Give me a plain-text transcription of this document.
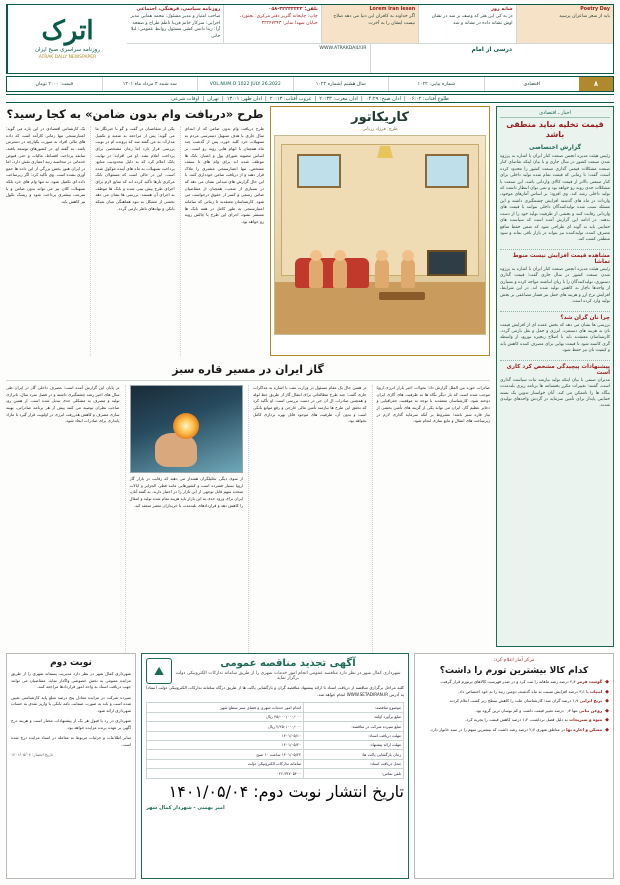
Poetry Day
باید از شعر شاعران پرسید
شانه روز
در به کی این هنر که وصف بر شد در نشان اوش نشانه داده در نشانه و شد
Lorem Iran Iesen
اگر خداوند به کافران این دنیا می دهد صلاح نیست ایشان را به آخرت
تلفن: ۳۲۲۴۴۴۴۴-۰۵۸
چاپ: چاپخانه گلریز دفتر مرکزی: بجنورد، خیابان شهدا نمابر: ۳۲۲۴۷۳۴۳
روزنامه سیاسی، فرهنگی، اجتماعی
صاحب امتیاز و مدیر مسئول: محمد همایی مدیر اجرایی: سرکار خانم فریبا ناظم طراح و صفحه آرا: زینا دانش کشی مسئول روابط عمومی: لیلا خانی
درسی از امام
WWW.ATRAKDAILY.IR
اترک
روزنامه سراسری صبح ایران
ATRAK DAILY NEWSPAPER
۸
اقتصادی
شماره پیاپی: ۱۰۲۲
سال هشتم /شماره ۱۰۲۲
VOL.NUM.O 1022 JULY 26.2022
سه شنبه ۴ مرداد ماه ۱۴۰۱
قیمت: ۲۰۰۰ تومان
طلوع آفتاب: ۰۶:۰۲  |  اذان صبح: ۰۴:۲۹  |  اذان مغرب: ۲۰:۳۳  |  غروب آفتاب: ۲۰:۱۳  |  اذان ظهر: ۱۳:۰۱  |  تهران  |  اوقات شرعی
اخبار ـ اقتصادی
قیمت تخلیه نباید منطقی باشد
گزارش اختصاصی
رئیس هیئت مدیره انجمن صنعت کنار ایران با اشاره به پرژوه شدن صنعت کشور در سال جاری و با بیان اینکه تقاضای کنار صنعت مشکلات قیمتی گذاری صنعت کشور را محدود کرده است، گفت: تا زمانی که قیمت تمام شده تولید داخلی برای کنار صنعتی بالاتر از قیمت کالای وارداتی باشد، این صنعت با مشکلات جدی روبه رو خواهد بود و نمی توان انتظار داشت که تولید داخلی رشد کند. وی افزود: بر اساس آمارهای موجود، واردات در ماه های گذشته افزایش چشمگیری داشته و این مسئله سبب شده تولیدکنندگان داخلی نتوانند با قیمت های وارداتی رقابت کنند و بخشی از ظرفیت تولید خود را از دست بدهند. در ادامه این گزارش آمده است که سیاست های حمایتی باید به گونه ای طراحی شود که ضمن حفظ منافع مصرف کننده، تولیدکننده نیز بتواند در بازار باقی بماند و سود منطقی کسب کند.
مشاهده قیمت افزایش نیست منوط تماشا
رئیس هیئت مدیره انجمن صنعت کنار ایران با اشاره به پرژوه شدن صنعت کشور در سال جاری گفت: قیمت گذاری دستوری، تولیدکنندگان را با زیان انباشته مواجه کرده و بسیاری از واحدها ناچار به کاهش تولید شده اند. در این شرایط، افزایش نرخ ارز و هزینه های حمل نیز فشار مضاعفی بر بخش تولید وارد کرده است.
چرا نان گران شد؟
بررسی ها نشان می دهد که بخش عمده ای از افزایش قیمت نان به هزینه های دستمزد، انرژی و حمل و نقل بازمی گردد. کارشناسان معتقدند باید با اصلاح زنجیره توزیع، از واسطه گری کاسته شود تا قیمت نهایی برای مصرف کننده کاهش یابد و کیفیت نان نیز حفظ شود.
پیشنهادات پیچیدگی مشخص کرد کاری است
مدیران صنفی با بیان اینکه تولید نیازمند ثبات سیاست گذاری است، گفتند: تغییرات مکرر بخشنامه ها برنامه ریزی بلندمدت بنگاه ها را ناممکن می کند. آنان خواستار تدوین یک بسته حمایتی پایدار برای تأمین سرمایه در گردش واحدهای تولیدی شدند.
کاریکاتور
طرح: فرزاد زرنانی
طرح «دریافت وام بدون ضامن» به کجا رسید؟
طرح دریافت وام بدون ضامن که از ابتدای سال جاری با هدف تسهیل دسترسی مردم به تسهیلات خرد کلید خورد، پس از گذشت چند ماه همچنان با ابهام هایی روبه رو است. بر اساس مصوبه شورای پول و اعتبار، بانک ها موظف شده اند برای وام های تا سقف مشخص، تنها اعتبارسنجی مشتری را ملاک قرار دهند و از دریافت ضامن خودداری کنند. با این حال گزارش های میدانی نشان می دهد که در بسیاری از شعب، همچنان از متقاضیان ضامن رسمی و کسر از حقوق درخواست می شود. کارشناسان معتقدند تا زمانی که سامانه اعتبارسنجی به طور کامل در همه بانک ها مستقر نشود، اجرای این طرح با چالش روبه رو خواهد بود.
یکی از متقاضیان در گفت و گو با خبرنگار ما می گوید: پس از مراجعه به شعبه و تکمیل مدارک، به من گفته شد که پرونده ام در نوبت بررسی قرار دارد اما زمان مشخصی برای پرداخت اعلام نشد. او می افزاید: در نهایت بانک اعلام کرد که به دلیل محدودیت منابع، پرداخت تسهیلات به ماه های آینده موکول شده است. این در حالی است که مسئولان بانک مرکزی بارها تأکید کرده اند که منابع لازم برای اجرای طرح پیش بینی شده و بانک ها موظف به اجرای آن هستند. بررسی ها نشان می دهد بخشی از مشکل به نبود هماهنگی میان شبکه بانکی و نهادهای ناظر بازمی گردد.
یک کارشناس اقتصادی در این باره می گوید: اعتبارسنجی تنها زمانی کارآمد است که داده های مالی افراد به صورت یکپارچه در دسترس باشد. به گفته او، در کشورهای توسعه یافته، سابقه پرداخت اقساط، مالیات و حتی قبوض خدماتی در محاسبه رتبه اعتباری نقش دارد، اما در ایران هنوز بخش بزرگی از این داده ها جمع آوری نشده است. وی تأکید کرد: اگر زیرساخت داده ای تکمیل شود، نه تنها وام های خرد بلکه تسهیلات کلان نیز می تواند بدون ضامن و با سرعت بیشتری پرداخت شود و ریسک نکول نیز کاهش یابد.
گاز ایران در مسیر قاره سبز
صادرات حوزه بین الملل گزارش داد: تحولات اخیر بازار انرژی اروپا موجب شده است که بار دیگر نگاه ها به ظرفیت های گازی ایران دوخته شود. کارشناسان معتقدند با توجه به موقعیت جغرافیایی و ذخایر عظیم گاز، ایران می تواند یکی از گزینه های تأمین بخشی از نیاز قاره سبز باشد؛ مشروط بر آنکه سرمایه گذاری لازم در زیرساخت های انتقال و مایع سازی انجام شود.
در همین حال یک مقام مسئول در وزارت نفت با اشاره به مذاکرات جاری گفت: چند طرح مطالعاتی برای انتقال گاز از طریق خط لوله و همچنین صادرات ال ان جی در دست بررسی است. او تأکید کرد که تحقق این طرح ها نیازمند تأمین مالی خارجی و رفع موانع بانکی است و بدون آن، ظرفیت های موجود قابل بهره برداری کامل نخواهد بود.
از سوی دیگر، تحلیلگران هشدار می دهند که رقابت در بازار گاز اروپا بسیار فشرده است و کشورهایی مانند قطر، الجزایر و ایالات متحده سهم قابل توجهی از این بازار را در اختیار دارند. به گفته آنان، ایران برای ورود جدی به این بازار باید هزینه تمام شده تولید و انتقال را کاهش دهد و قراردادهای بلندمدت با خریداران معتبر منعقد کند.
در پایان این گزارش آمده است: مصرف داخلی گاز در ایران طی سال های اخیر رشد چشمگیری داشته و در فصل سرد سال، ناترازی تولید و مصرف به مشکلی جدی تبدیل شده است. از همین رو، صاحب نظران توصیه می کنند پیش از هر برنامه صادراتی، بهینه سازی مصرف و کاهش هدررفت انرژی در اولویت قرار گیرد تا مازاد پایداری برای صادرات ایجاد شود.
مرکز آمار اعلام کرد:
کدام کالا بیشترین تورم را داشت؟
◆
گوشت قرمز ۲٫۴ درصد رشد ماهانه را ثبت کرد و در صدر فهرست کالاهای پرتورم قرار گرفت.
◆
لبنیات با ۳٫۱ درصد افزایش نسبت به ماه گذشته، دومین رتبه را به خود اختصاص داد.
◆
برنج ایرانی ۱٫۹ درصد گران شد؛ کارشناسان علت را کاهش سطح زیر کشت اعلام کردند.
◆
روغن نباتی تنها ۰٫۴ درصد تغییر قیمت داشت و کم نوسان ترین گروه بود.
◆
میوه و سبزیجات به دلیل فصل برداشت، ۱٫۲ درصد کاهش قیمت را تجربه کرد.
◆
مسکن و اجاره بها در مناطق شهری ۲٫۷ درصد رشد داشت که بیشترین سهم را در سبد خانوار دارد.
⛰	آگهی تجدید مناقصه عمومی
شهرداری کمال شهر در نظر دارد مناقصه عمومی انجام امور خدمات شهری را از طریق سامانه تدارکات الکترونیکی دولت برگزار نماید
کلیه مراحل برگزاری مناقصه از دریافت اسناد تا ارائه پیشنهاد مناقصه گران و بازگشایی پاکت ها از طریق درگاه سامانه تدارکات الکترونیکی دولت (ستاد) به آدرس WWW.SETADIRAN.IR انجام خواهد شد.
موضوع مناقصه:	انجام امور خدمات شهری و فضای سبز سطح شهر
مبلغ برآورد اولیه:	۴۵/۰۰۰/۰۰۰/۰۰۰ ریال
مبلغ سپرده شرکت در مناقصه:	۲/۲۵۰/۰۰۰/۰۰۰ ریال
مهلت دریافت اسناد:	۱۴۰۱/۰۵/۱۰
مهلت ارائه پیشنهاد:	۱۴۰۱/۰۵/۲۰
زمان بازگشایی پاکت ها:	۱۴۰۱/۰۵/۲۲ ساعت ۱۰ صبح
محل دریافت اسناد:	سامانه تدارکات الکترونیکی دولت
تلفن تماس:	۰۲۶-۳۴۷۰۵۴۰۰
تاریخ انتشار نوبت دوم: ۱۴۰۱/۰۵/۰۴
امیر بهمنی - شهردار کمال شهر
نوبت دوم

شهرداری کمال شهر در نظر دارد مدیریت پسماند شهری را از طریق مزایده عمومی به بخش خصوصی واگذار نماید. متقاضیان می توانند جهت دریافت اسناد به واحد امور قراردادها مراجعه کنند.

سپرده شرکت در مزایده معادل پنج درصد مبلغ پایه کارشناسی تعیین شده است و باید به صورت ضمانت نامه بانکی یا واریز نقدی به حساب شهرداری ارائه شود.

شهرداری در رد یا قبول هر یک از پیشنهادات مختار است و هزینه درج آگهی بر عهده برنده مزایده خواهد بود.

سایر اطلاعات و جزئیات مربوط به معامله در اسناد مزایده درج شده است.

تاریخ انتشار: ۱۴۰۱/۰۵/۰۴
